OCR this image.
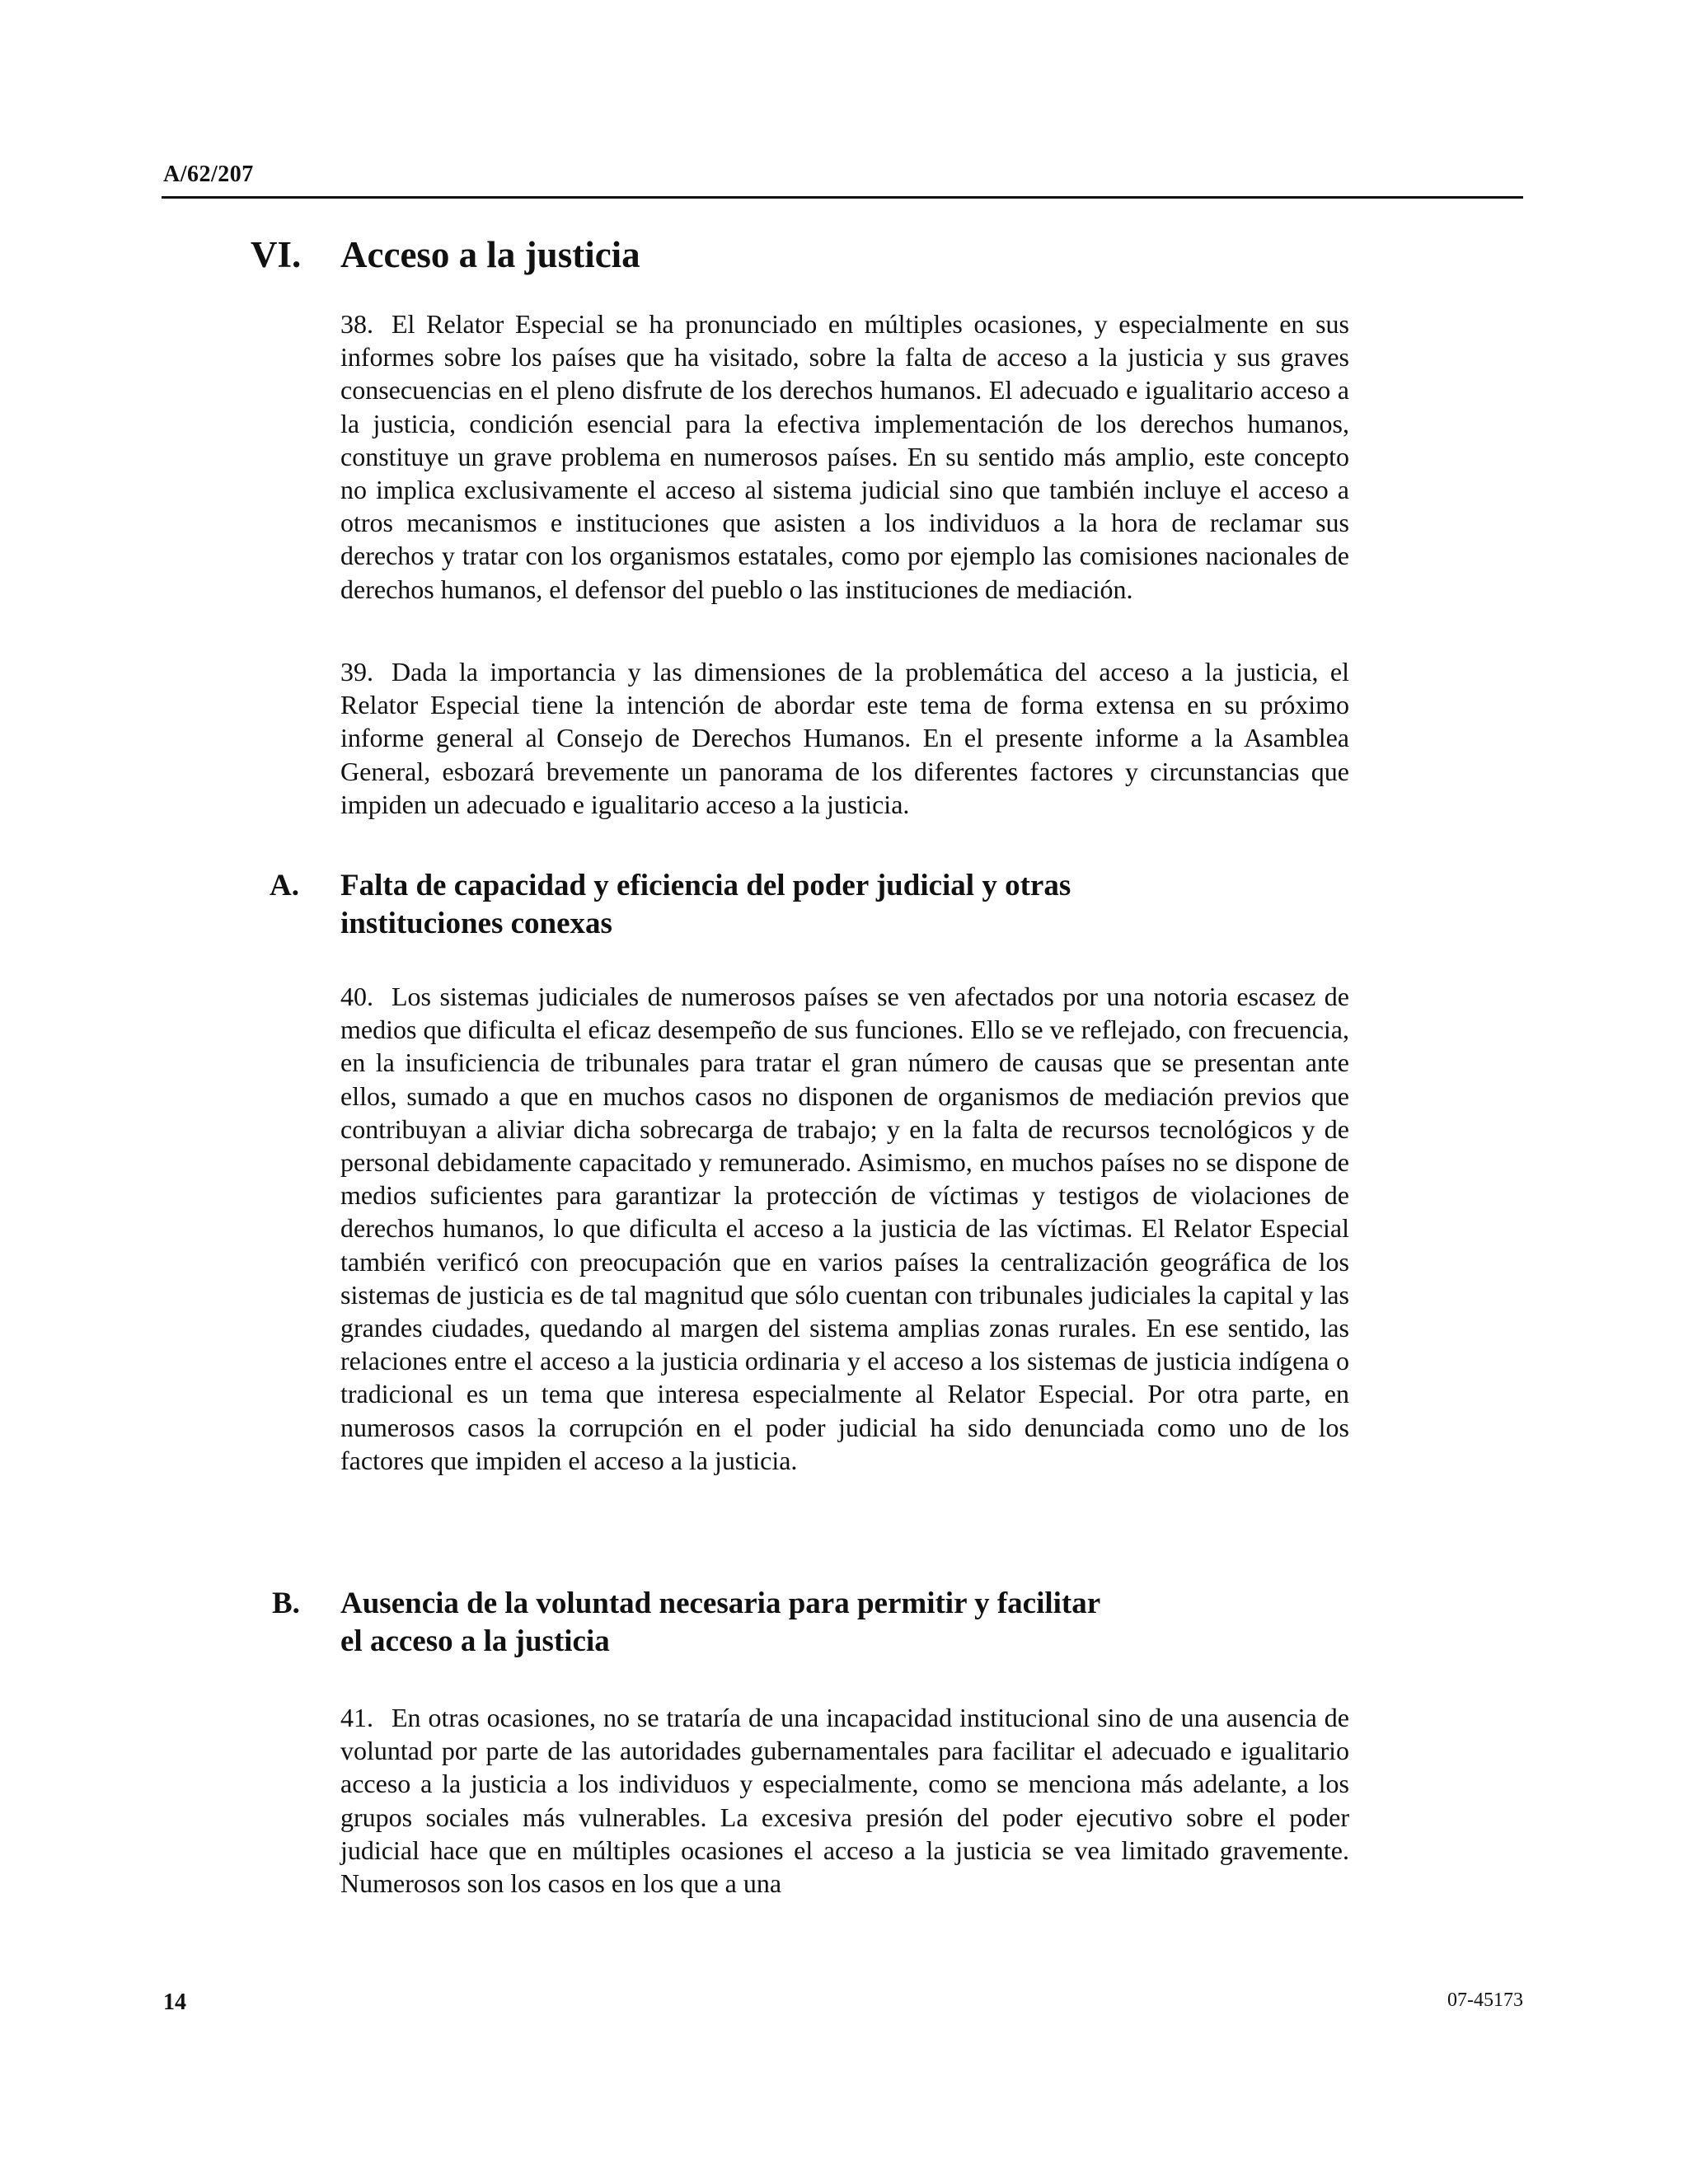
A/62/207
VI. Acceso a la justicia
38. El Relator Especial se ha pronunciado en múltiples ocasiones, y especialmente en sus informes sobre los países que ha visitado, sobre la falta de acceso a la justicia y sus graves consecuencias en el pleno disfrute de los derechos humanos. El adecuado e igualitario acceso a la justicia, condición esencial para la efectiva implementación de los derechos humanos, constituye un grave problema en numerosos países. En su sentido más amplio, este concepto no implica exclusivamente el acceso al sistema judicial sino que también incluye el acceso a otros mecanismos e instituciones que asisten a los individuos a la hora de reclamar sus derechos y tratar con los organismos estatales, como por ejemplo las comisiones nacionales de derechos humanos, el defensor del pueblo o las instituciones de mediación.
39. Dada la importancia y las dimensiones de la problemática del acceso a la justicia, el Relator Especial tiene la intención de abordar este tema de forma extensa en su próximo informe general al Consejo de Derechos Humanos. En el presente informe a la Asamblea General, esbozará brevemente un panorama de los diferentes factores y circunstancias que impiden un adecuado e igualitario acceso a la justicia.
A. Falta de capacidad y eficiencia del poder judicial y otras
instituciones conexas
40. Los sistemas judiciales de numerosos países se ven afectados por una notoria escasez de medios que dificulta el eficaz desempeño de sus funciones. Ello se ve reflejado, con frecuencia, en la insuficiencia de tribunales para tratar el gran número de causas que se presentan ante ellos, sumado a que en muchos casos no disponen de organismos de mediación previos que contribuyan a aliviar dicha sobrecarga de trabajo; y en la falta de recursos tecnológicos y de personal debidamente capacitado y remunerado. Asimismo, en muchos países no se dispone de medios suficientes para garantizar la protección de víctimas y testigos de violaciones de derechos humanos, lo que dificulta el acceso a la justicia de las víctimas. El Relator Especial también verificó con preocupación que en varios países la centralización geográfica de los sistemas de justicia es de tal magnitud que sólo cuentan con tribunales judiciales la capital y las grandes ciudades, quedando al margen del sistema amplias zonas rurales. En ese sentido, las relaciones entre el acceso a la justicia ordinaria y el acceso a los sistemas de justicia indígena o tradicional es un tema que interesa especialmente al Relator Especial. Por otra parte, en numerosos casos la corrupción en el poder judicial ha sido denunciada como uno de los factores que impiden el acceso a la justicia.
B. Ausencia de la voluntad necesaria para permitir y facilitar
el acceso a la justicia
41. En otras ocasiones, no se trataría de una incapacidad institucional sino de una ausencia de voluntad por parte de las autoridades gubernamentales para facilitar el adecuado e igualitario acceso a la justicia a los individuos y especialmente, como se menciona más adelante, a los grupos sociales más vulnerables. La excesiva presión del poder ejecutivo sobre el poder judicial hace que en múltiples ocasiones el acceso a la justicia se vea limitado gravemente. Numerosos son los casos en los que a una
14	07-45173
